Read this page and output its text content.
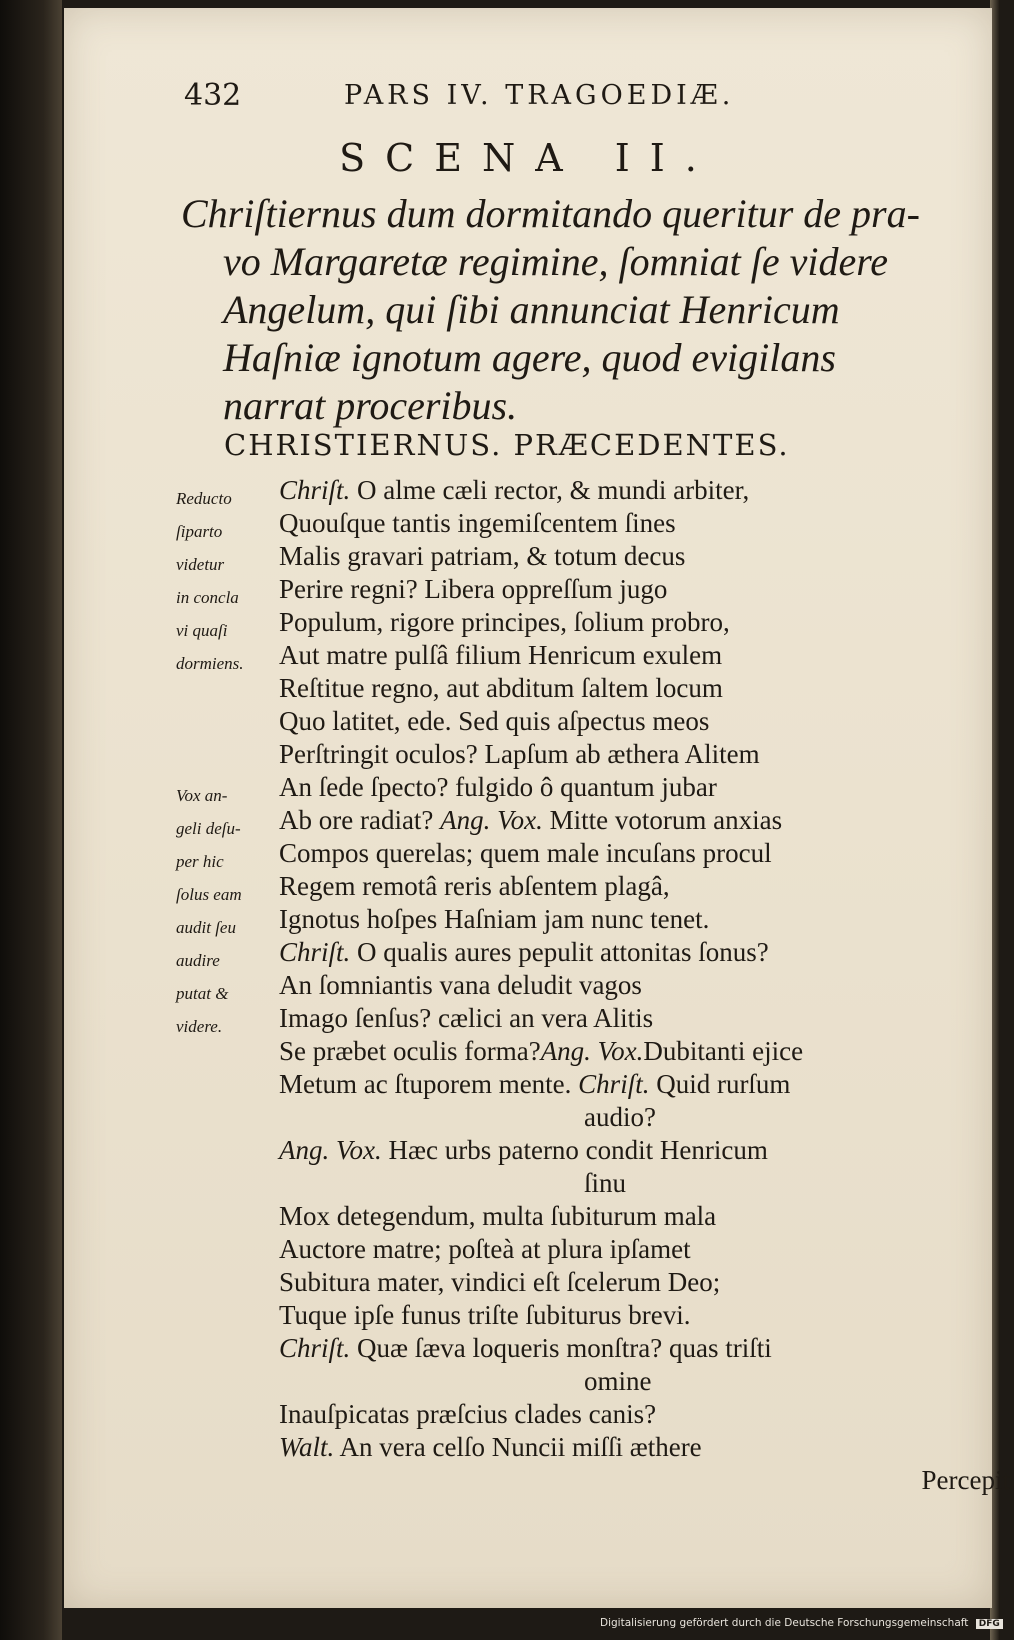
432	PARS IV. TRAGOEDIÆ.
SCENA II.
Chriſtiernus dum dormitando queritur de pra-
vo Margaretæ regimine, ſomniat ſe videre
Angelum, qui ſibi annunciat Henricum
Haſniæ ignotum agere, quod evigilans
narrat proceribus.
CHRISTIERNUS. PRÆCEDENTES.
Reducto
ſiparto
videtur
in concla
vi quaſi
dormiens.
Vox an-
geli deſu-
per hic
ſolus eam
audit ſeu
audire
putat &
videre.
Chriſt. O alme cæli rector, & mundi arbiter,
Quouſque tantis ingemiſcentem ſines
Malis gravari patriam, & totum decus
Perire regni? Libera oppreſſum jugo
Populum, rigore principes, ſolium probro,
Aut matre pulſâ filium Henricum exulem
Reſtitue regno, aut abditum ſaltem locum
Quo latitet, ede. Sed quis aſpectus meos
Perſtringit oculos? Lapſum ab æthera Alitem
An ſede ſpecto? fulgido ô quantum jubar
Ab ore radiat? Ang. Vox. Mitte votorum anxias
Compos querelas; quem male incuſans procul
Regem remotâ reris abſentem plagâ,
Ignotus hoſpes Haſniam jam nunc tenet.
Chriſt. O qualis aures pepulit attonitas ſonus?
An ſomniantis vana deludit vagos
Imago ſenſus? cælici an vera Alitis
Se præbet oculis forma?Ang. Vox.Dubitanti ejice
Metum ac ſtuporem mente. Chriſt. Quid rurſum
audio?
Ang. Vox. Hæc urbs paterno condit Henricum
ſinu
Mox detegendum, multa ſubiturum mala
Auctore matre; poſteà at plura ipſamet
Subitura mater, vindici eſt ſcelerum Deo;
Tuque ipſe funus triſte ſubiturus brevi.
Chriſt. Quæ ſæva loqueris monſtra? quas triſti
omine
Inauſpicatas præſcius clades canis?
Walt. An vera celſo Nuncii miſſi æthere
Percepit
Digitalisierung gefördert durch die Deutsche Forschungsgemeinschaft DFG
